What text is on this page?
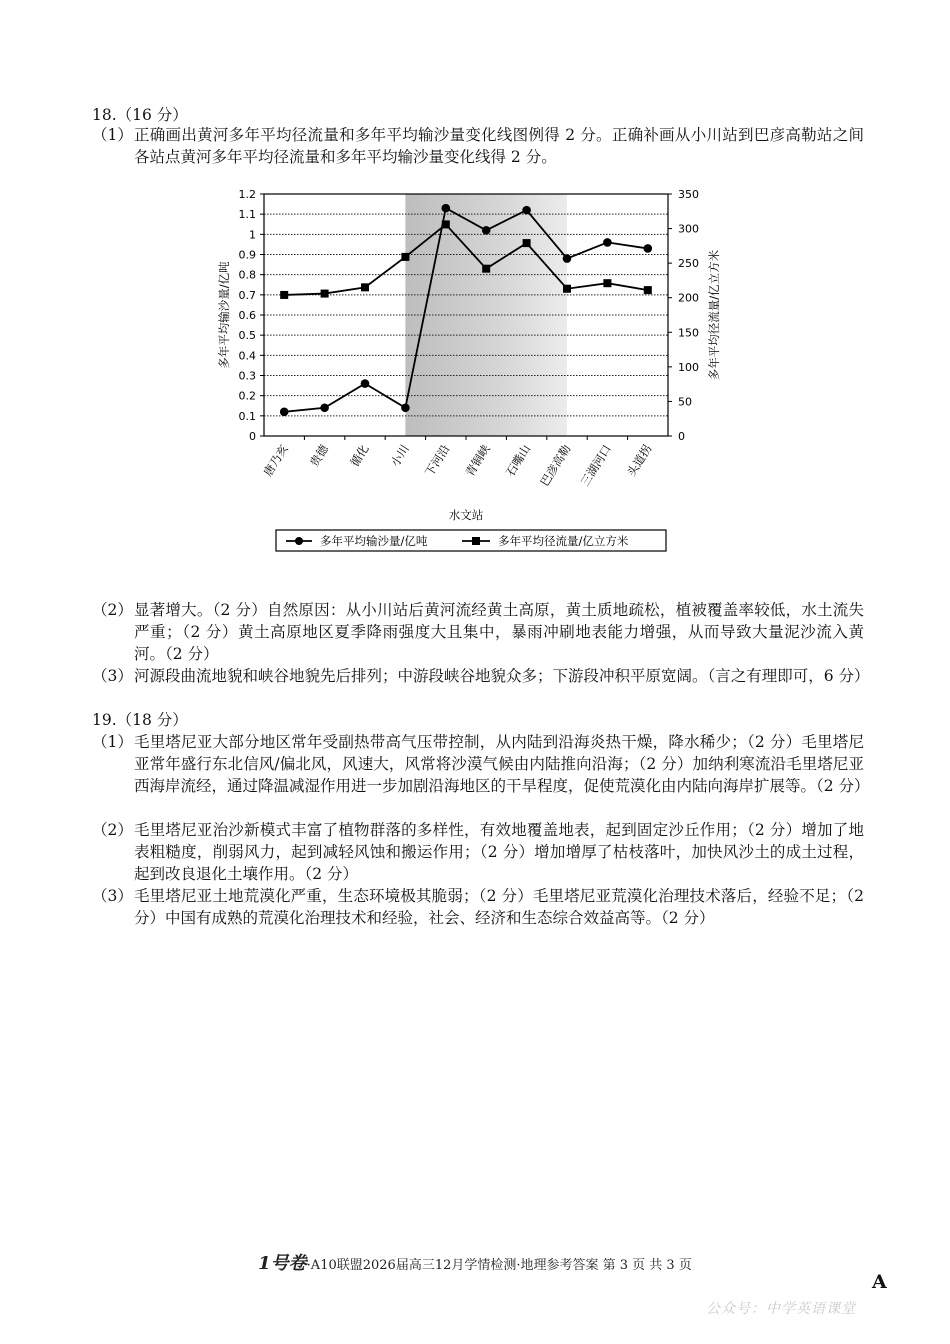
18.（16 分）
（1） 正确画出黄河多年平均径流量和多年平均输沙量变化线图例得 2 分。正确补画从小川站到巴彦高勒站之间各站点黄河多年平均径流量和多年平均输沙量变化线得 2 分。
0
0.1
0.2
0.3
0.4
0.5
0.6
0.7
0.8
0.9
1
1.1
1.2
0
50
100
150
200
250
300
350
唐乃亥 贵德 循化 小川 下河沿 青铜峡 石嘴山 巴彦高勒 三湖河口 头道拐
多年平均输沙量/亿吨	多年平均径流量/亿立方米
水文站
多年平均输沙量/亿吨	多年平均径流量/亿立方米
（2） 显著增大。（2 分）自然原因：从小川站后黄河流经黄土高原，黄土质地疏松，植被覆盖率较低，水土流失严重；（2 分）黄土高原地区夏季降雨强度大且集中，暴雨冲刷地表能力增强，从而导致大量泥沙流入黄河。（2 分）
（3） 河源段曲流地貌和峡谷地貌先后排列；中游段峡谷地貌众多；下游段冲积平原宽阔。（言之有理即可，6 分）
19.（18 分）
（1） 毛里塔尼亚大部分地区常年受副热带高气压带控制，从内陆到沿海炎热干燥，降水稀少；（2 分）毛里塔尼亚常年盛行东北信风/偏北风，风速大，风常将沙漠气候由内陆推向沿海；（2 分）加纳利寒流沿毛里塔尼亚西海岸流经，通过降温减湿作用进一步加剧沿海地区的干旱程度，促使荒漠化由内陆向海岸扩展等。（2 分）
（2） 毛里塔尼亚治沙新模式丰富了植物群落的多样性，有效地覆盖地表，起到固定沙丘作用；（2 分）增加了地表粗糙度，削弱风力，起到减轻风蚀和搬运作用；（2 分）增加增厚了枯枝落叶，加快风沙土的成土过程，起到改良退化土壤作用。（2 分）
（3） 毛里塔尼亚土地荒漠化严重，生态环境极其脆弱；（2 分）毛里塔尼亚荒漠化治理技术落后，经验不足；（2 分）中国有成熟的荒漠化治理技术和经验，社会、经济和生态综合效益高等。（2 分）
1号卷·A10联盟2026届高三12月学情检测·地理参考答案 第 3 页 共 3 页
A
公众号：中学英语课堂
